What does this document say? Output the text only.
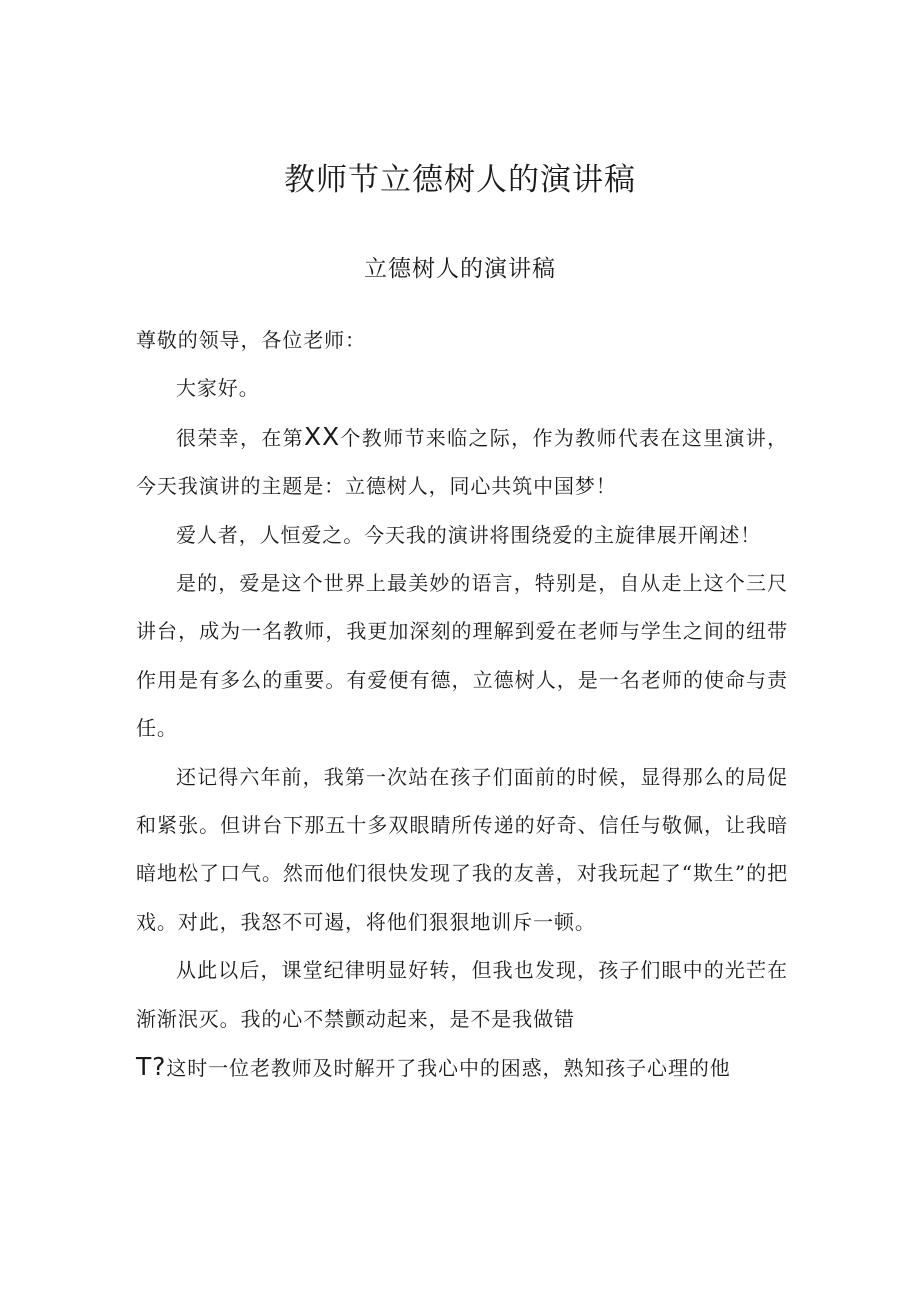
教师节立德树人的演讲稿
立德树人的演讲稿

尊敬的领导，各位老师：

大家好。

很荣幸，在第XX个教师节来临之际，作为教师代表在这里演讲，今天我演讲的主题是：立德树人，同心共筑中国梦！

爱人者，人恒爱之。今天我的演讲将围绕爱的主旋律展开阐述！

是的，爱是这个世界上最美妙的语言，特别是，自从走上这个三尺讲台，成为一名教师，我更加深刻的理解到爱在老师与学生之间的纽带作用是有多么的重要。有爱便有德，立德树人，是一名老师的使命与责任。

还记得六年前，我第一次站在孩子们面前的时候，显得那么的局促和紧张。但讲台下那五十多双眼睛所传递的好奇、信任与敬佩，让我暗暗地松了口气。然而他们很快发现了我的友善，对我玩起了“欺生”的把戏。对此，我怒不可遏，将他们狠狠地训斥一顿。

从此以后，课堂纪律明显好转，但我也发现，孩子们眼中的光芒在渐渐泯灭。我的心不禁颤动起来，是不是我做错

T?这时一位老教师及时解开了我心中的困惑，熟知孩子心理的他
